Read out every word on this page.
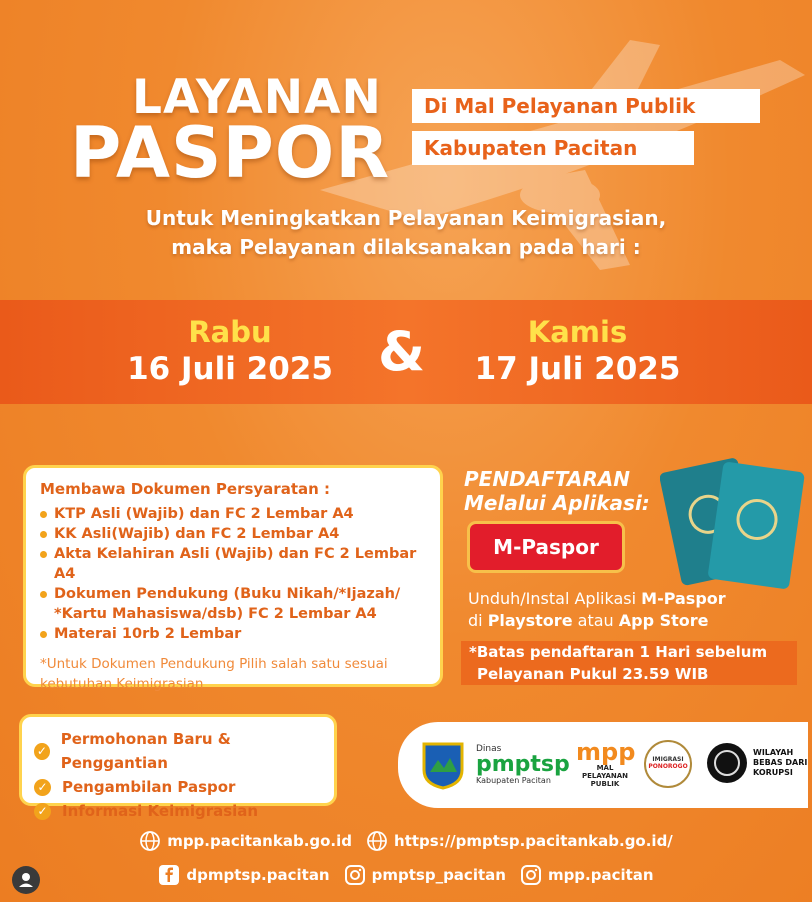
LAYANAN
PASPOR
Di Mal Pelayanan Publik
Kabupaten Pacitan
Untuk Meningkatkan Pelayanan Keimigrasian,
maka Pelayanan dilaksanakan pada hari :
Rabu
16 Juli 2025 &	Kamis
17 Juli 2025
Membawa Dokumen Persyaratan :
KTP Asli (Wajib) dan FC 2 Lembar A4
KK Asli(Wajib) dan FC 2 Lembar A4
Akta Kelahiran Asli (Wajib) dan FC 2 Lembar A4
Dokumen Pendukung (Buku Nikah/*Ijazah/ *Kartu Mahasiswa/dsb) FC 2 Lembar A4
Materai 10rb 2 Lembar
*Untuk Dokumen Pendukung Pilih salah satu sesuai kebutuhan Keimigrasian
PENDAFTARAN
Melalui Aplikasi:
M-Paspor
Unduh/Instal Aplikasi M-Paspor
di Playstore atau App Store
*Batas pendaftaran 1 Hari sebelum
Pelayanan Pukul 23.59 WIB
✓
Permohonan Baru & Penggantian
✓ Pengambilan Paspor
✓ Informasi Keimigrasian
Dinas
pmptsp
Kabupaten Pacitan
mpp
MAL
PELAYANAN
PUBLIK
IMIGRASI
PONOROGO
WILAYAH
BEBAS DARI
KORUPSI
mpp.pacitankab.go.id	https://pmptsp.pacitankab.go.id/
dpmptsp.pacitan	pmptsp_pacitan	mpp.pacitan
